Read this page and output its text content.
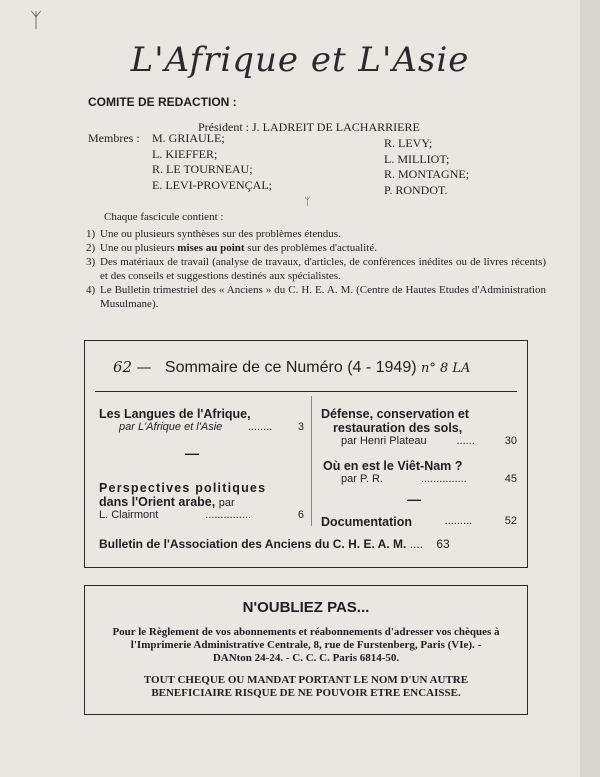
ᛉ
L'Afrique et L'Asie
COMITE DE REDACTION :
Président : J. LADREIT DE LACHARRIERE
Membres : M. GRIAULE;
L. KIEFFER;
R. LE TOURNEAU;
E. LEVI-PROVENÇAL;
R. LEVY;
L. MILLIOT;
R. MONTAGNE;
P. RONDOT.
ᛘ
Chaque fascicule contient :
1) Une ou plusieurs synthèses sur des problèmes étendus.
2) Une ou plusieurs mises au point sur des problèmes d'actualité.
3) Des matériaux de travail (analyse de travaux, d'articles, de conférences inédites ou de livres récents) et des conseils et suggestions destinés aux spécialistes.
4) Le Bulletin trimestriel des « Anciens » du C. H. E. A. M. (Centre de Hautes Etudes d'Administration Musulmane).
62 — Sommaire de ce Numéro (4 - 1949) n° 8 LA
Les Langues de l'Afrique,
par L'Afrique et l'Asie ........ 3
—
Perspectives politiques
dans l'Orient arabe, par
L. Clairmont	...............	6
Défense, conservation et
restauration des sols,
par Henri Plateau	......	30
Où en est le Viêt-Nam ?
par P. R.	...............	45
—
Documentation	.........	52
Bulletin de l'Association des Anciens du C. H. E. A. M. .... 63
N'OUBLIEZ PAS...
Pour le Règlement de vos abonnements et réabonnements d'adresser vos chèques à l'Imprimerie Administrative Centrale, 8, rue de Furstenberg, Paris (VIe). - DANton 24-24. - C. C. C. Paris 6814-50.
TOUT CHEQUE OU MANDAT PORTANT LE NOM D'UN AUTRE BENEFICIAIRE RISQUE DE NE POUVOIR ETRE ENCAISSE.
